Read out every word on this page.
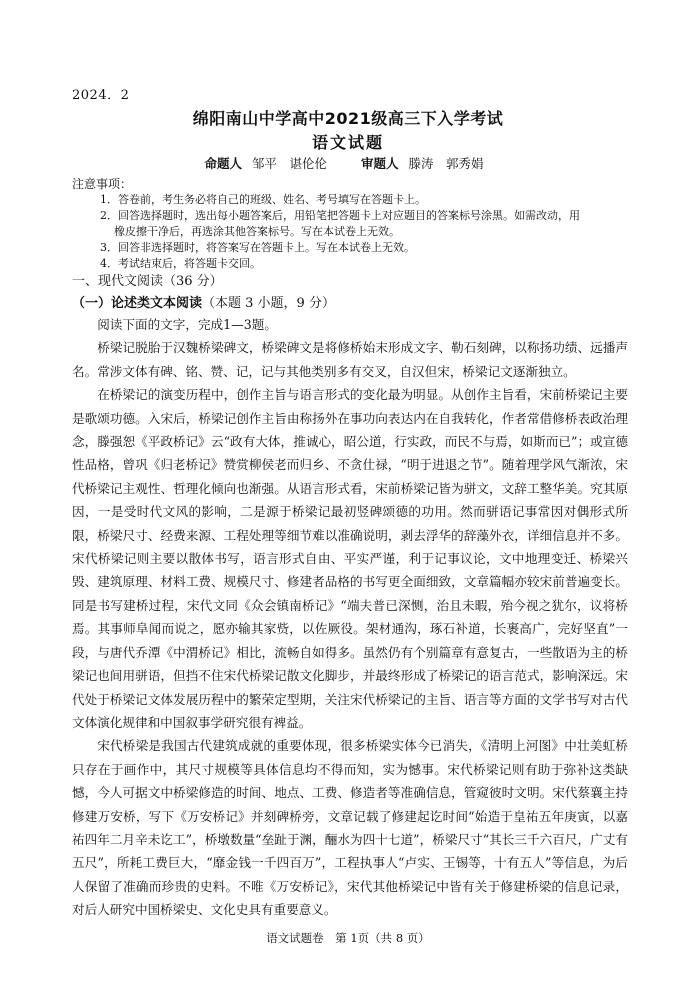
2024．2
绵阳南山中学高中2021级高三下入学考试
语文试题
命题人 邹平　谌伦伦	审题人 滕涛　郭秀娟
注意事项：

1．答卷前，考生务必将自己的班级、姓名、考号填写在答题卡上。

2．回答选择题时，选出每小题答案后，用铅笔把答题卡上对应题目的答案标号涂黑。如需改动，用
橡皮擦干净后，再选涂其他答案标号。写在本试卷上无效。

3．回答非选择题时，将答案写在答题卡上。写在本试卷上无效。

4．考试结束后，将答题卡交回。

一、现代文阅读（36 分）
（一）论述类文本阅读（本题 3 小题，9 分）

阅读下面的文字，完成1—3题。

桥梁记脱胎于汉魏桥梁碑文，桥梁碑文是将修桥始末形成文字、勒石刻碑，以称扬功绩、远播声名。常涉文体有碑、铭、赞、记，记与其他类别多有交叉，自汉但宋，桥梁记文逐渐独立。

在桥梁记的演变历程中，创作主旨与语言形式的变化最为明显。从创作主旨看，宋前桥梁记主要是歌颂功德。入宋后，桥梁记创作主旨由称扬外在事功向表达内在自我转化，作者常借修桥表政治理念，滕强恕《平政桥记》云“政有大体，推诚心，昭公道，行实政，而民不与焉，如斯而已”；或宣德性品格，曾巩《归老桥记》赞赏柳侯老而归乡、不贪仕禄，“明于进退之节”。随着理学风气渐浓，宋代桥梁记主观性、哲理化倾向也渐强。从语言形式看，宋前桥梁记皆为骈文，文辞工整华美。究其原因，一是受时代文风的影响，二是源于桥梁记最初竖碑颂德的功用。然而骈语记事常因对偶形式所限，桥梁尺寸、经费来源、工程处理等细节难以准确说明，剥去浮华的辞藻外衣，详细信息并不多。宋代桥梁记则主要以散体书写，语言形式自由、平实严谨，利于记事议论，文中地理变迁、桥梁兴毁、建筑原理、材料工费、规模尺寸、修建者品格的书写更全面细致，文章篇幅亦较宋前普遍变长。同是书写建桥过程，宋代文同《众会镇南桥记》“端夫普已深恻，治且未暇，殆今视之犹尔，议将桥焉。其事师阜闻而说之，愿亦输其家赀，以佐厥役。架材通沟，琢石补道，长裹高广，完好坚直”一段，与唐代乔潭《中渭桥记》相比，流畅自如得多。虽然仍有个别篇章有意复古，一些散语为主的桥梁记也间用骈语，但挡不住宋代桥梁记散文化脚步，并最终形成了桥梁记的语言范式，影响深远。宋代处于桥梁记文体发展历程中的繁荣定型期，关注宋代桥梁记的主旨、语言等方面的文学书写对古代文体演化规律和中国叙事学研究很有裨益。

宋代桥梁是我国古代建筑成就的重要体现，很多桥梁实体今已消失，《清明上河图》中壮美虹桥只存在于画作中，其尺寸规模等具体信息均不得而知，实为憾事。宋代桥梁记则有助于弥补这类缺憾，今人可据文中桥梁修造的时间、地点、工费、修造者等准确信息，管窥彼时文明。宋代蔡襄主持修建万安桥，写下《万安桥记》并刻碑桥旁，文章记载了修建起讫时间“始造于皇祐五年庚寅，以嘉祐四年二月辛未讫工”，桥墩数量“垒趾于渊，酾水为四十七道”，桥梁尺寸“其长三千六百尺，广丈有五尺”，所耗工费巨大，“靡金钱一千四百万”，工程执事人“卢实、王锡等，十有五人”等信息，为后人保留了准确而珍贵的史料。不唯《万安桥记》，宋代其他桥梁记中皆有关于修建桥梁的信息记录，对后人研究中国桥梁史、文化史具有重要意义。

语文试题卷　第 1页（共 8 页）
